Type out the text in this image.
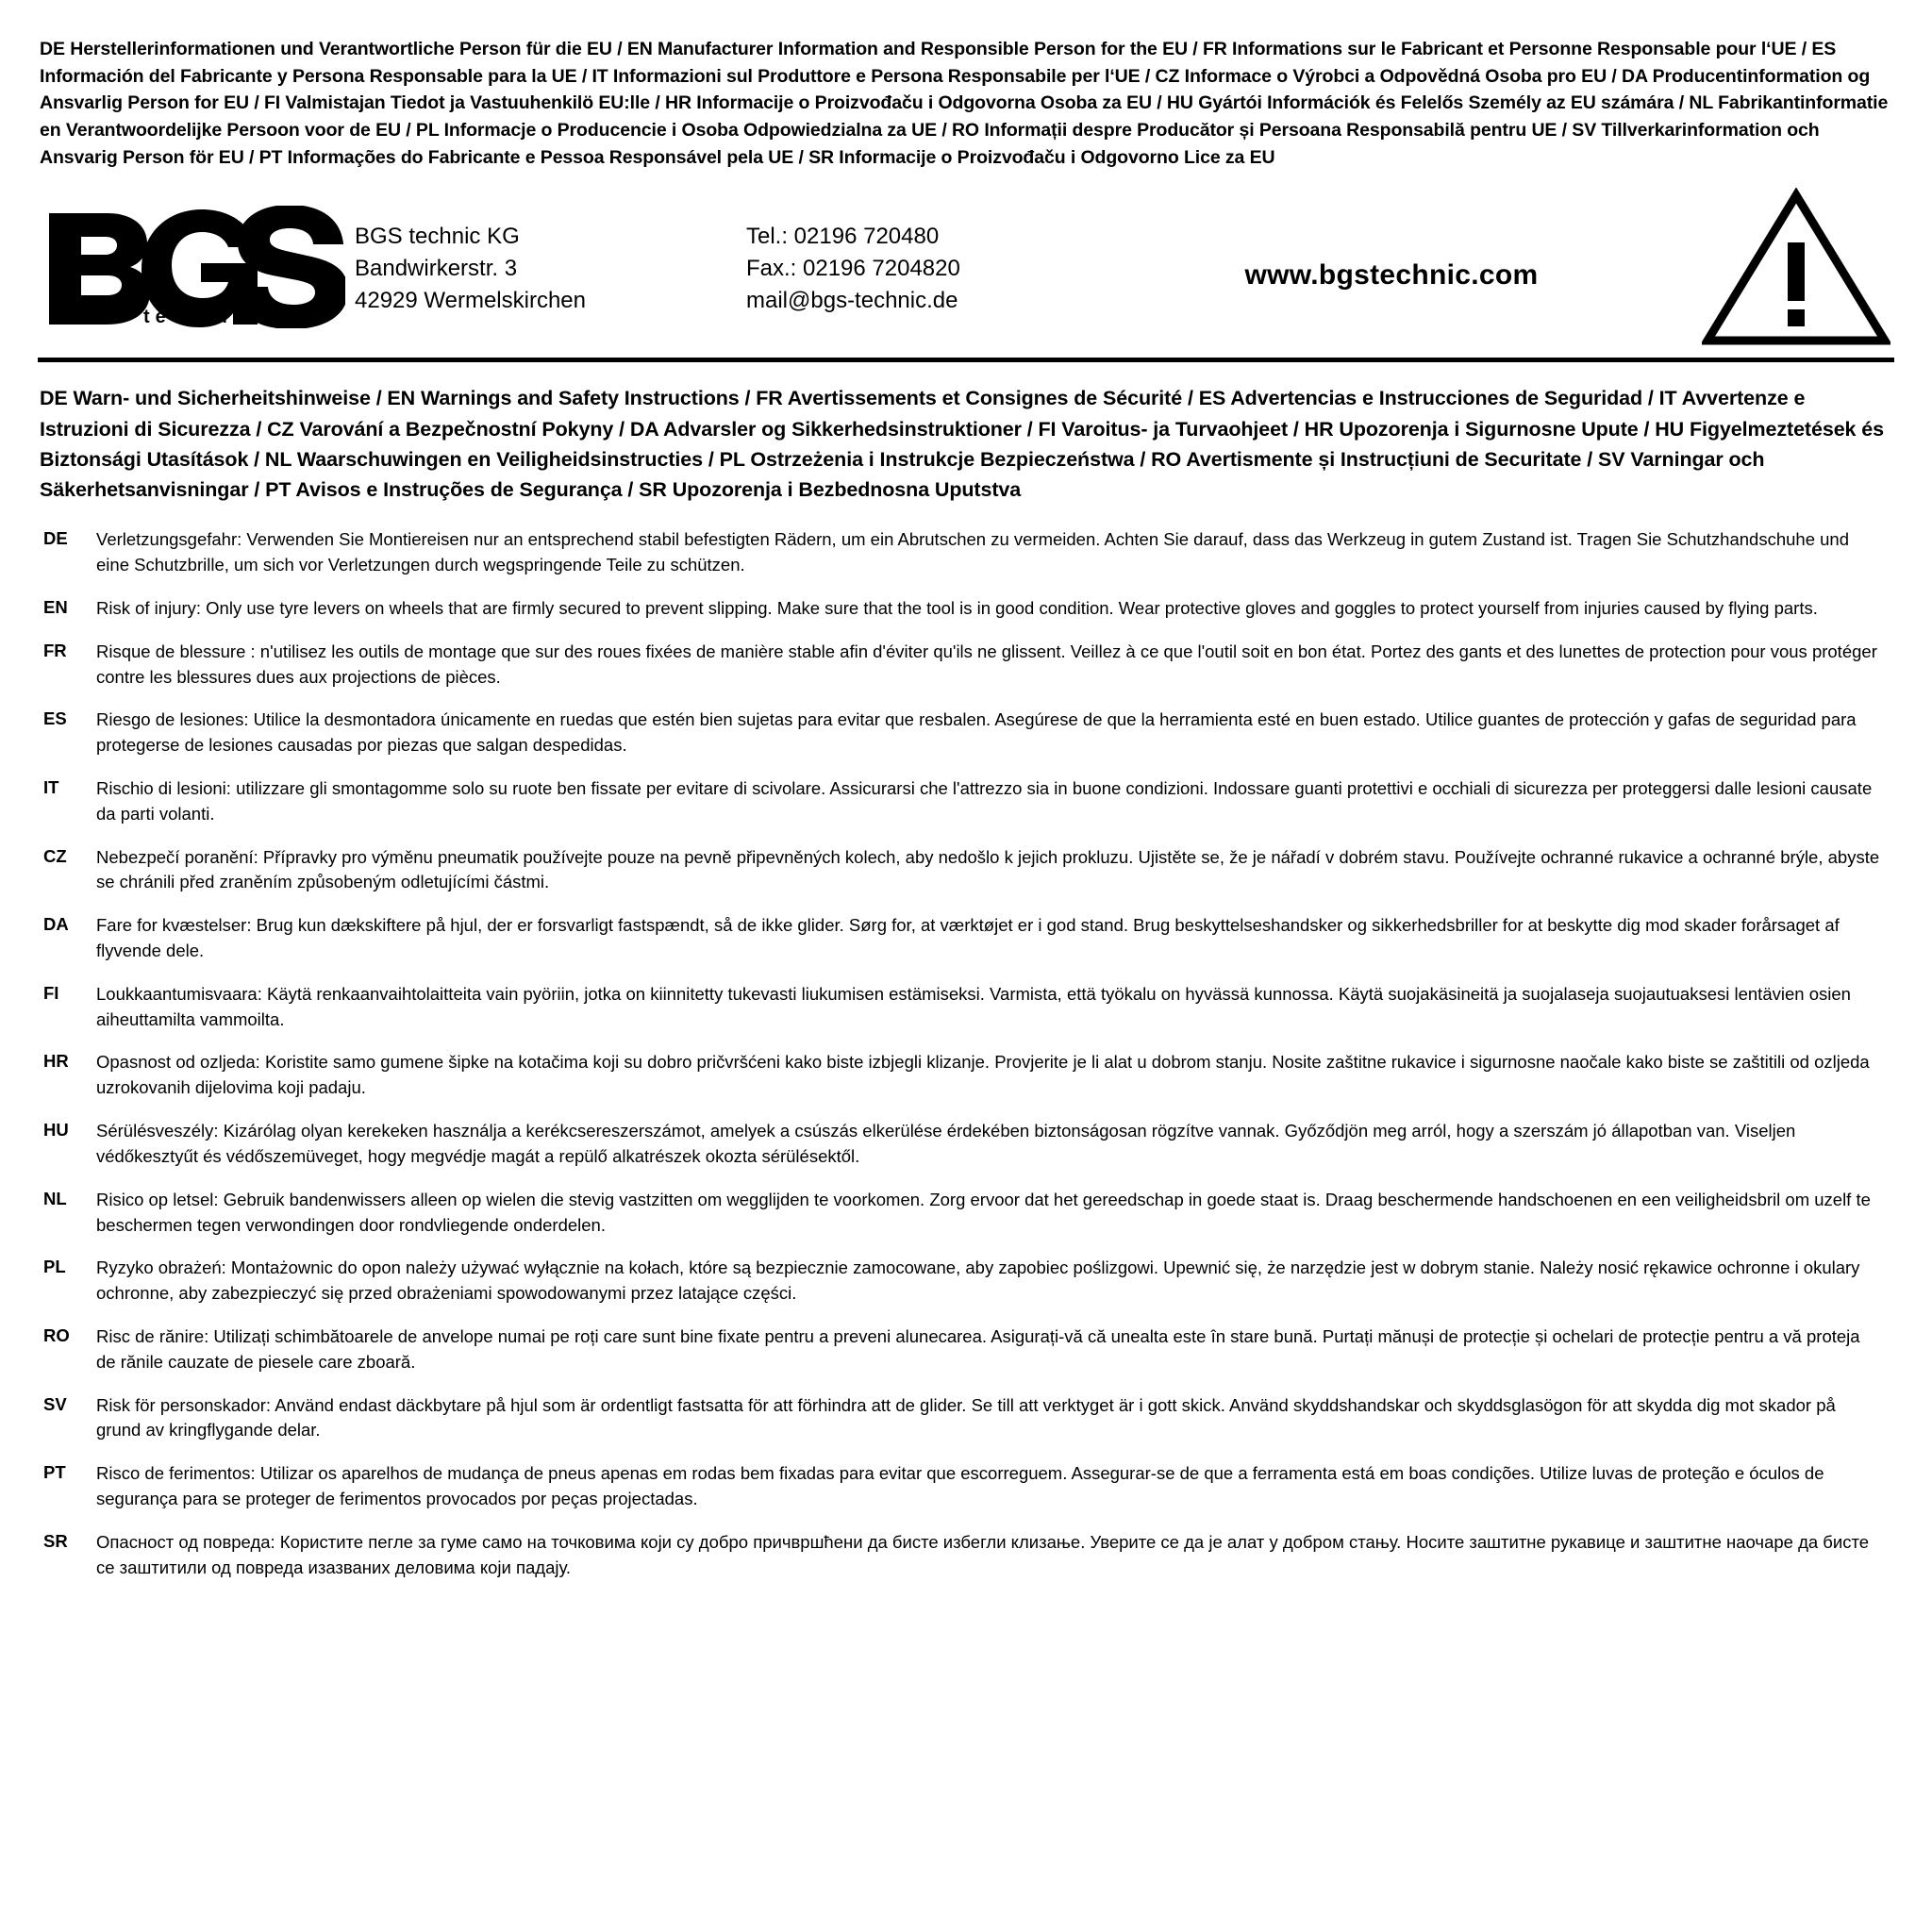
DE Herstellerinformationen und Verantwortliche Person für die EU / EN Manufacturer Information and Responsible Person for the EU / FR Informations sur le Fabricant et Personne Responsable pour l‘UE / ES Información del Fabricante y Persona Responsable para la UE / IT Informazioni sul Produttore e Persona Responsabile per l‘UE / CZ Informace o Výrobci a Odpovědná Osoba pro EU / DA Producentinformation og Ansvarlig Person for EU / FI Valmistajan Tiedot ja Vastuuhenkilö EU:lle / HR Informacije o Proizvođaču i Odgovorna Osoba za EU / HU Gyártói Információk és Felelős Személy az EU számára / NL Fabrikantinformatie en Verantwoordelijke Persoon voor de EU / PL Informacje o Producencie i Osoba Odpowiedzialna za UE / RO Informații despre Producător și Persoana Responsabilă pentru UE / SV Tillverkarinformation och Ansvarig Person för EU / PT Informações do Fabricante e Pessoa Responsável pela UE / SR Informacije o Proizvođaču i Odgovorno Lice za EU
®
technic
BGS technic KG
Bandwirkerstr. 3
42929 Wermelskirchen
Tel.: 02196 720480
Fax.: 02196 7204820
mail@bgs-technic.de
www.bgstechnic.com
DE Warn- und Sicherheitshinweise / EN Warnings and Safety Instructions / FR Avertissements et Consignes de Sécurité / ES Advertencias e Instrucciones de Seguridad / IT Avvertenze e Istruzioni di Sicurezza / CZ Varování a Bezpečnostní Pokyny / DA Advarsler og Sikkerhedsinstruktioner / FI Varoitus- ja Turvaohjeet / HR Upozorenja i Sigurnosne Upute / HU Figyelmeztetések és Biztonsági Utasítások / NL Waarschuwingen en Veiligheidsinstructies / PL Ostrzeżenia i Instrukcje Bezpieczeństwa / RO Avertismente și Instrucțiuni de Securitate / SV Varningar och Säkerhetsanvisningar / PT Avisos e Instruções de Segurança / SR Upozorenja i Bezbednosna Uputstva
DE	Verletzungsgefahr: Verwenden Sie Montiereisen nur an entsprechend stabil befestigten Rädern, um ein Abrutschen zu vermeiden. Achten Sie darauf, dass das Werkzeug in gutem Zustand ist. Tragen Sie Schutzhandschuhe und eine Schutzbrille, um sich vor Verletzungen durch wegspringende Teile zu schützen.
EN	Risk of injury: Only use tyre levers on wheels that are firmly secured to prevent slipping. Make sure that the tool is in good condition. Wear protective gloves and goggles to protect yourself from injuries caused by flying parts.
FR	Risque de blessure : n'utilisez les outils de montage que sur des roues fixées de manière stable afin d'éviter qu'ils ne glissent. Veillez à ce que l'outil soit en bon état. Portez des gants et des lunettes de protection pour vous protéger contre les blessures dues aux projections de pièces.
ES	Riesgo de lesiones: Utilice la desmontadora únicamente en ruedas que estén bien sujetas para evitar que resbalen. Asegúrese de que la herramienta esté en buen estado. Utilice guantes de protección y gafas de seguridad para protegerse de lesiones causadas por piezas que salgan despedidas.
IT	Rischio di lesioni: utilizzare gli smontagomme solo su ruote ben fissate per evitare di scivolare. Assicurarsi che l'attrezzo sia in buone condizioni. Indossare guanti protettivi e occhiali di sicurezza per proteggersi dalle lesioni causate da parti volanti.
CZ	Nebezpečí poranění: Přípravky pro výměnu pneumatik používejte pouze na pevně připevněných kolech, aby nedošlo k jejich prokluzu. Ujistěte se, že je nářadí v dobrém stavu. Používejte ochranné rukavice a ochranné brýle, abyste se chránili před zraněním způsobeným odletujícími částmi.
DA	Fare for kvæstelser: Brug kun dækskiftere på hjul, der er forsvarligt fastspændt, så de ikke glider. Sørg for, at værktøjet er i god stand. Brug beskyttelseshandsker og sikkerhedsbriller for at beskytte dig mod skader forårsaget af flyvende dele.
FI	Loukkaantumisvaara: Käytä renkaanvaihtolaitteita vain pyöriin, jotka on kiinnitetty tukevasti liukumisen estämiseksi. Varmista, että työkalu on hyvässä kunnossa. Käytä suojakäsineitä ja suojalaseja suojautuaksesi lentävien osien aiheuttamilta vammoilta.
HR	Opasnost od ozljeda: Koristite samo gumene šipke na kotačima koji su dobro pričvršćeni kako biste izbjegli klizanje. Provjerite je li alat u dobrom stanju. Nosite zaštitne rukavice i sigurnosne naočale kako biste se zaštitili od ozljeda uzrokovanih dijelovima koji padaju.
HU	Sérülésveszély: Kizárólag olyan kerekeken használja a kerékcsereszerszámot, amelyek a csúszás elkerülése érdekében biztonságosan rögzítve vannak. Győződjön meg arról, hogy a szerszám jó állapotban van. Viseljen védőkesztyűt és védőszemüveget, hogy megvédje magát a repülő alkatrészek okozta sérülésektől.
NL	Risico op letsel: Gebruik bandenwissers alleen op wielen die stevig vastzitten om wegglijden te voorkomen. Zorg ervoor dat het gereedschap in goede staat is. Draag beschermende handschoenen en een veiligheidsbril om uzelf te beschermen tegen verwondingen door rondvliegende onderdelen.
PL	Ryzyko obrażeń: Montażownic do opon należy używać wyłącznie na kołach, które są bezpiecznie zamocowane, aby zapobiec poślizgowi. Upewnić się, że narzędzie jest w dobrym stanie. Należy nosić rękawice ochronne i okulary ochronne, aby zabezpieczyć się przed obrażeniami spowodowanymi przez latające części.
RO	Risc de rănire: Utilizați schimbătoarele de anvelope numai pe roți care sunt bine fixate pentru a preveni alunecarea. Asigurați-vă că unealta este în stare bună. Purtați mănuși de protecție și ochelari de protecție pentru a vă proteja de rănile cauzate de piesele care zboară.
SV	Risk för personskador: Använd endast däckbytare på hjul som är ordentligt fastsatta för att förhindra att de glider. Se till att verktyget är i gott skick. Använd skyddshandskar och skyddsglasögon för att skydda dig mot skador på grund av kringflygande delar.
PT	Risco de ferimentos: Utilizar os aparelhos de mudança de pneus apenas em rodas bem fixadas para evitar que escorreguem. Assegurar-se de que a ferramenta está em boas condições. Utilize luvas de proteção e óculos de segurança para se proteger de ferimentos provocados por peças projectadas.
SR	Опасност од повреда: Користите пегле за гуме само на точковима који су добро причвршћени да бисте избегли клизање. Уверите се да је алат у добром стању. Носите заштитне рукавице и заштитне наочаре да бисте се заштитили од повреда изазваних деловима који падају.
